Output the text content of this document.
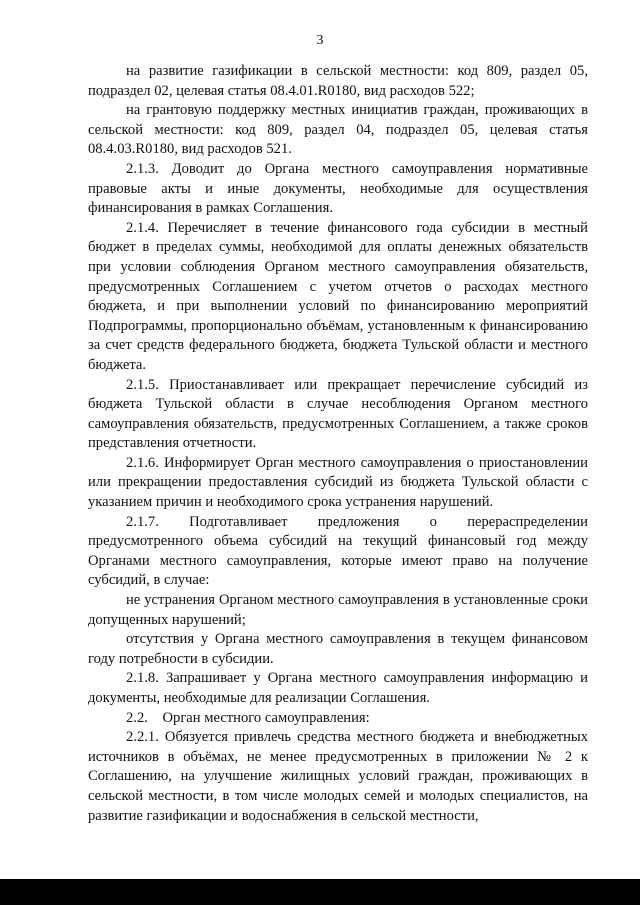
3

на развитие газификации в сельской местности: код 809, раздел 05, подраздел 02, целевая статья 08.4.01.R0180, вид расходов 522;

на грантовую поддержку местных инициатив граждан, проживающих в сельской местности: код 809, раздел 04, подраздел 05, целевая статья 08.4.03.R0180, вид расходов 521.

2.1.3. Доводит до Органа местного самоуправления нормативные правовые акты и иные документы, необходимые для осуществления финансирования в рамках Соглашения.

2.1.4. Перечисляет в течение финансового года субсидии в местный бюджет в пределах суммы, необходимой для оплаты денежных обязательств при условии соблюдения Органом местного самоуправления обязательств, предусмотренных Соглашением с учетом отчетов о расходах местного бюджета, и при выполнении условий по финансированию мероприятий Подпрограммы, пропорционально объёмам, установленным к финансированию за счет средств федерального бюджета, бюджета Тульской области и местного бюджета.

2.1.5. Приостанавливает или прекращает перечисление субсидий из бюджета Тульской области в случае несоблюдения Органом местного самоуправления обязательств, предусмотренных Соглашением, а также сроков представления отчетности.

2.1.6. Информирует Орган местного самоуправления о приостановлении или прекращении предоставления субсидий из бюджета Тульской области с указанием причин и необходимого срока устранения нарушений.

2.1.7. Подготавливает предложения о перераспределении предусмотренного объема субсидий на текущий финансовый год между Органами местного самоуправления, которые имеют право на получение субсидий, в случае:

не устранения Органом местного самоуправления в установленные сроки допущенных нарушений;

отсутствия у Органа местного самоуправления в текущем финансовом году потребности в субсидии.

2.1.8. Запрашивает у Органа местного самоуправления информацию и документы, необходимые для реализации Соглашения.

2.2.    Орган местного самоуправления:

2.2.1. Обязуется привлечь средства местного бюджета и внебюджетных источников в объёмах, не менее предусмотренных в приложении № 2 к Соглашению, на улучшение жилищных условий граждан, проживающих в сельской местности, в том числе молодых семей и молодых специалистов, на развитие газификации и водоснабжения в сельской местности,
